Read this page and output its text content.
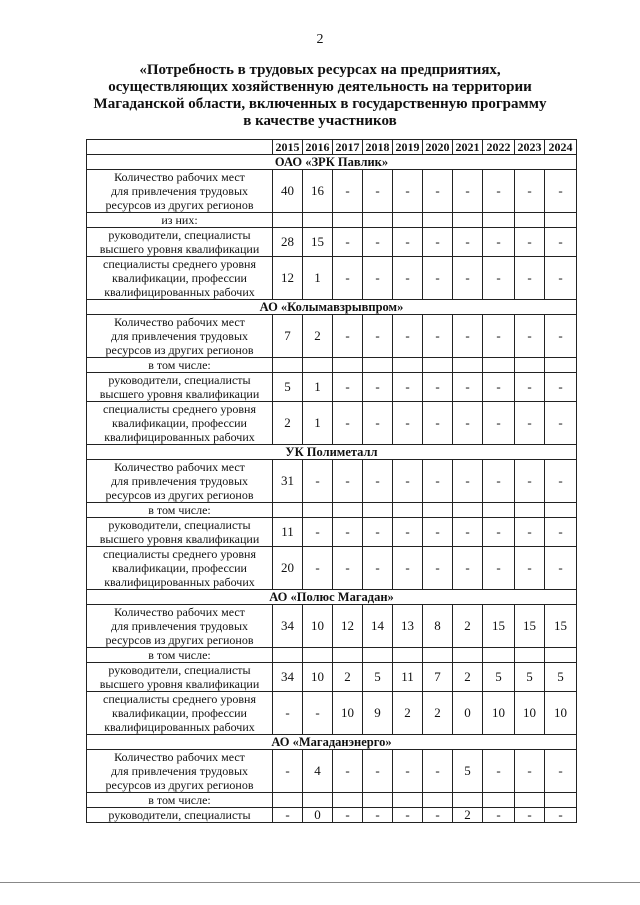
2
«Потребность в трудовых ресурсах на предприятиях,
осуществляющих хозяйственную деятельность на территории
Магаданской области, включенных в государственную программу
в качестве участников
	2015	2016	2017	2018	2019	2020	2021	2022	2023	2024
ОАО «ЗРК Павлик»										

Количество рабочих мест
для привлечения трудовых
ресурсов из других регионов	40	16	-	-	-	-	-	-	-	-
из них:										

руководители, специалисты
высшего уровня квалификации	28	15	-	-	-	-	-	-	-	-

специалисты среднего уровня
квалификации, профессии
квалифицированных рабочих	12	1	-	-	-	-	-	-	-	-
АО «Колымавзрывпром»										

Количество рабочих мест
для привлечения трудовых
ресурсов из других регионов	7	2	-	-	-	-	-	-	-	-
в том числе:										

руководители, специалисты
высшего уровня квалификации	5	1	-	-	-	-	-	-	-	-

специалисты среднего уровня
квалификации, профессии
квалифицированных рабочих	2	1	-	-	-	-	-	-	-	-
УК Полиметалл										

Количество рабочих мест
для привлечения трудовых
ресурсов из других регионов	31	-	-	-	-	-	-	-	-	-
в том числе:										

руководители, специалисты
высшего уровня квалификации	11	-	-	-	-	-	-	-	-	-

специалисты среднего уровня
квалификации, профессии
квалифицированных рабочих	20	-	-	-	-	-	-	-	-	-
АО «Полюс Магадан»										

Количество рабочих мест
для привлечения трудовых
ресурсов из других регионов	34	10	12	14	13	8	2	15	15	15
в том числе:										

руководители, специалисты
высшего уровня квалификации	34	10	2	5	11	7	2	5	5	5

специалисты среднего уровня
квалификации, профессии
квалифицированных рабочих	-	-	10	9	2	2	0	10	10	10
АО «Магаданэнерго»										

Количество рабочих мест
для привлечения трудовых
ресурсов из других регионов	-	4	-	-	-	-	5	-	-	-
в том числе:										

руководители, специалисты	-	0	-	-	-	-	2	-	-	-
